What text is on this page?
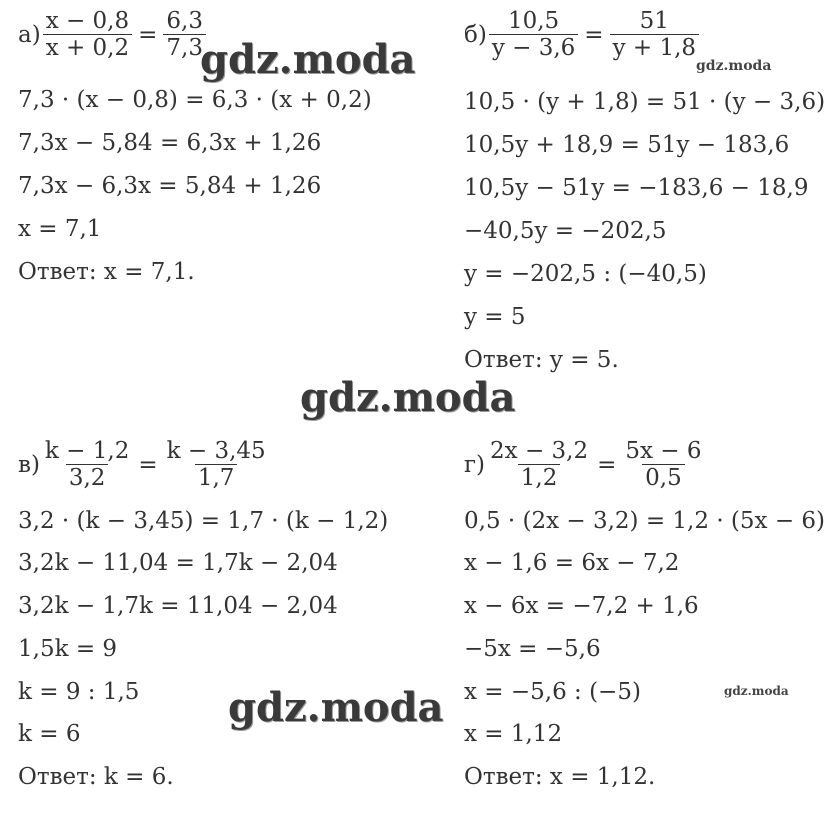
$а) \frac{x - 0,8}{x + 0,2} = \frac{6,3}{7,3}$
7,3 · (x − 0,8) = 6,3 · (x + 0,2)
7,3x − 5,84 = 6,3x + 1,26
7,3x − 6,3x = 5,84 + 1,26
x = 7,1
Ответ: x = 7,1.
$б) \frac{10,5}{y - 3,6} = \frac{51}{y + 1,8}$
10,5 · (y + 1,8) = 51 · (y − 3,6)
10,5y + 18,9 = 51y − 183,6
10,5y − 51y = −183,6 − 18,9
−40,5y = −202,5
y = −202,5 : (−40,5)
y = 5
Ответ: y = 5.
$в) \frac{k - 1,2}{3,2} = \frac{k - 3,45}{1,7}$
3,2 · (k − 3,45) = 1,7 · (k − 1,2)
3,2k − 11,04 = 1,7k − 2,04
3,2k − 1,7k = 11,04 − 2,04
1,5k = 9
k = 9 : 1,5
k = 6
Ответ: k = 6.
$г) \frac{2x - 3,2}{1,2} = \frac{5x - 6}{0,5}$
0,5 · (2x − 3,2) = 1,2 · (5x − 6)
x − 1,6 = 6x − 7,2
x − 6x = −7,2 + 1,6
−5x = −5,6
x = −5,6 : (−5)
x = 1,12
Ответ: x = 1,12.
gdz.moda	gdz.moda
gdz.moda
gdz.moda	gdz.moda
